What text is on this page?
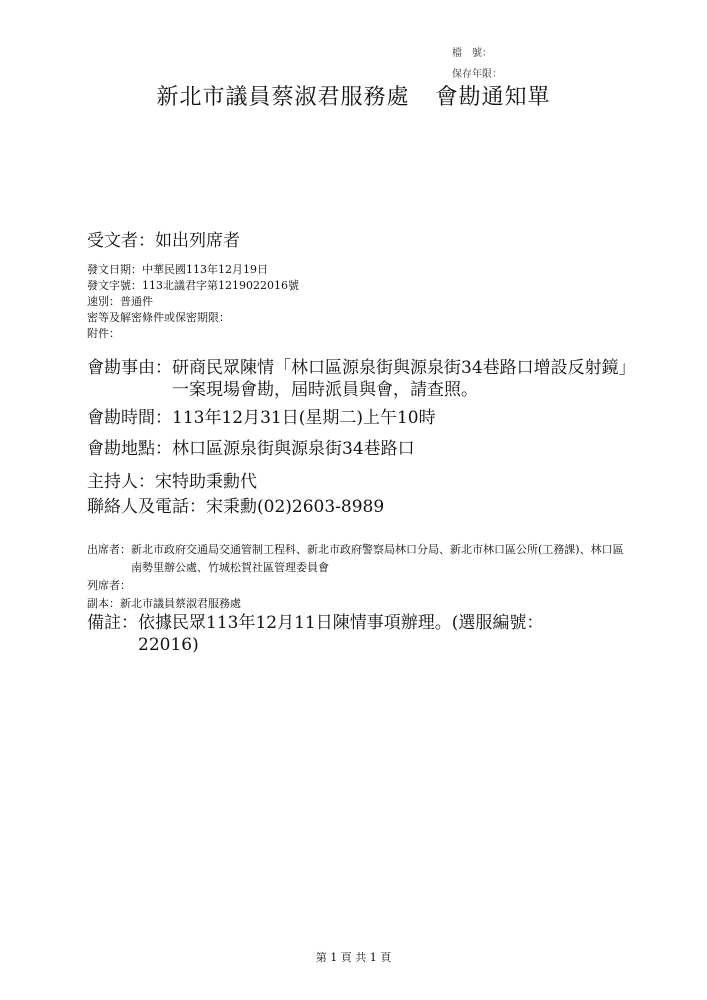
檔　號：
保存年限：
新北市議員蔡淑君服務處 會勘通知單
受文者：如出列席者
發文日期：中華民國113年12月19日
發文字號：113北議君字第1219022016號
速別：普通件
密等及解密條件或保密期限：
附件：
會勘事由： 研商民眾陳情「林口區源泉街與源泉街34巷路口增設反射鏡」一案現場會勘，屆時派員與會，請查照。
會勘時間：113年12月31日(星期二)上午10時
會勘地點：林口區源泉街與源泉街34巷路口
主持人：宋特助秉勳代
聯絡人及電話：宋秉勳(02)2603-8989
出席者： 新北市政府交通局交通管制工程科、新北市政府警察局林口分局、新北市林口區公所(工務課)、林口區南勢里辦公處、竹城松賀社區管理委員會
列席者：
副本：新北市議員蔡淑君服務處
備註： 依據民眾113年12月11日陳情事項辦理。(選服編號：22016)
第 1 頁 共 1 頁
